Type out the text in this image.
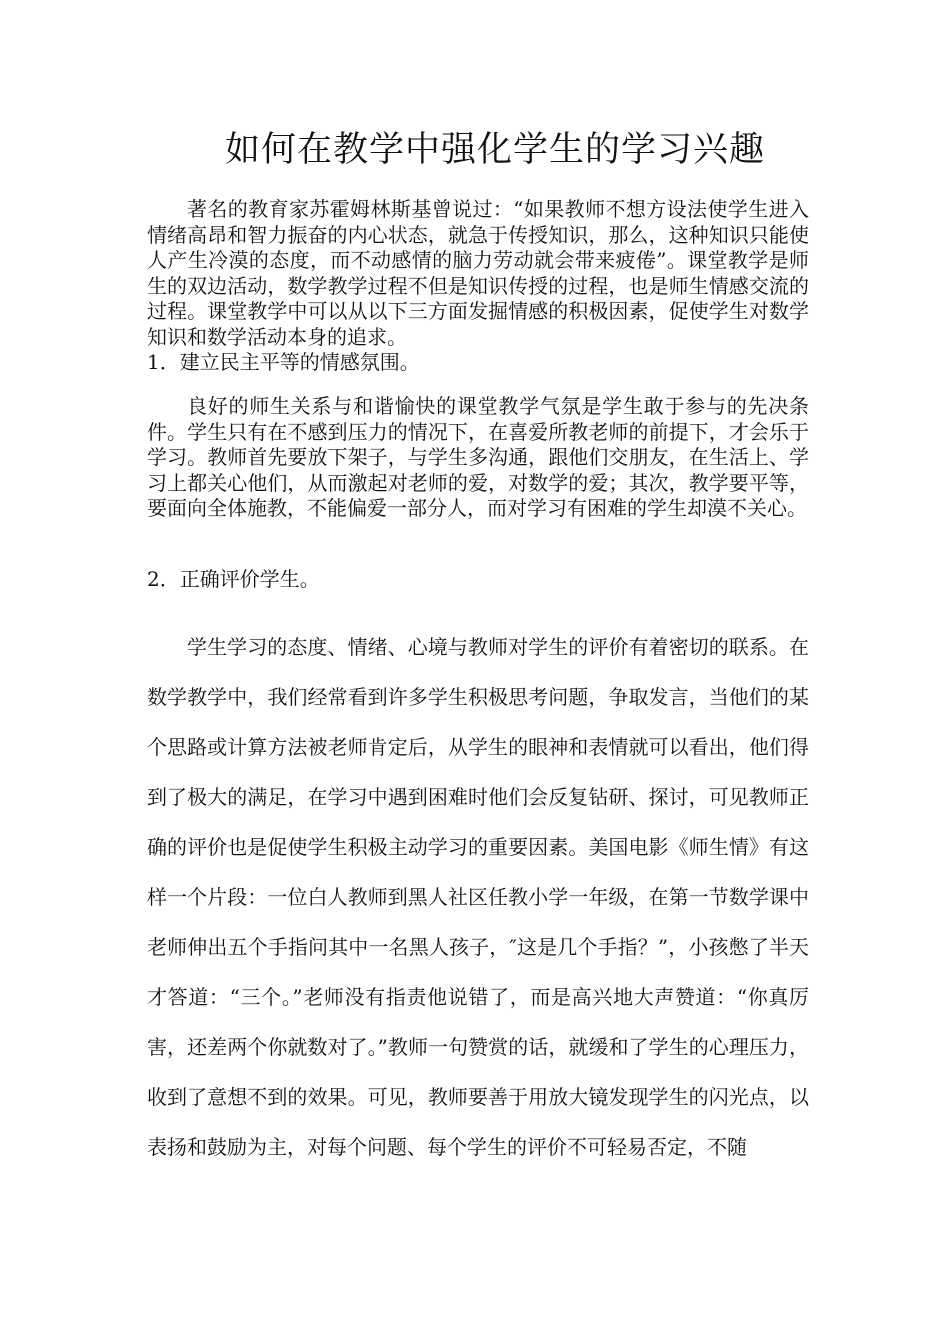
如何在教学中强化学生的学习兴趣

著名的教育家苏霍姆林斯基曾说过：“如果教师不想方设法使学生进入情绪高昂和智力振奋的内心状态，就急于传授知识，那么，这种知识只能使人产生冷漠的态度，而不动感情的脑力劳动就会带来疲倦”。课堂教学是师生的双边活动，数学教学过程不但是知识传授的过程，也是师生情感交流的过程。课堂教学中可以从以下三方面发掘情感的积极因素，促使学生对数学知识和数学活动本身的追求。

1．建立民主平等的情感氛围。

良好的师生关系与和谐愉快的课堂教学气氛是学生敢于参与的先决条件。学生只有在不感到压力的情况下，在喜爱所教老师的前提下，才会乐于学习。教师首先要放下架子，与学生多沟通，跟他们交朋友，在生活上、学习上都关心他们，从而激起对老师的爱，对数学的爱；其次，教学要平等，要面向全体施教，不能偏爱一部分人，而对学习有困难的学生却漠不关心。

2．正确评价学生。

学生学习的态度、情绪、心境与教师对学生的评价有着密切的联系。在数学教学中，我们经常看到许多学生积极思考问题，争取发言，当他们的某个思路或计算方法被老师肯定后，从学生的眼神和表情就可以看出，他们得到了极大的满足，在学习中遇到困难时他们会反复钻研、探讨，可见教师正确的评价也是促使学生积极主动学习的重要因素。美国电影《师生情》有这样一个片段：一位白人教师到黑人社区任教小学一年级，在第一节数学课中老师伸出五个手指问其中一名黑人孩子，″这是几个手指？”，小孩憋了半天才答道：“三个。”老师没有指责他说错了，而是高兴地大声赞道：“你真厉害，还差两个你就数对了。”教师一句赞赏的话，就缓和了学生的心理压力，收到了意想不到的效果。可见，教师要善于用放大镜发现学生的闪光点，以表扬和鼓励为主，对每个问题、每个学生的评价不可轻易否定，不随
